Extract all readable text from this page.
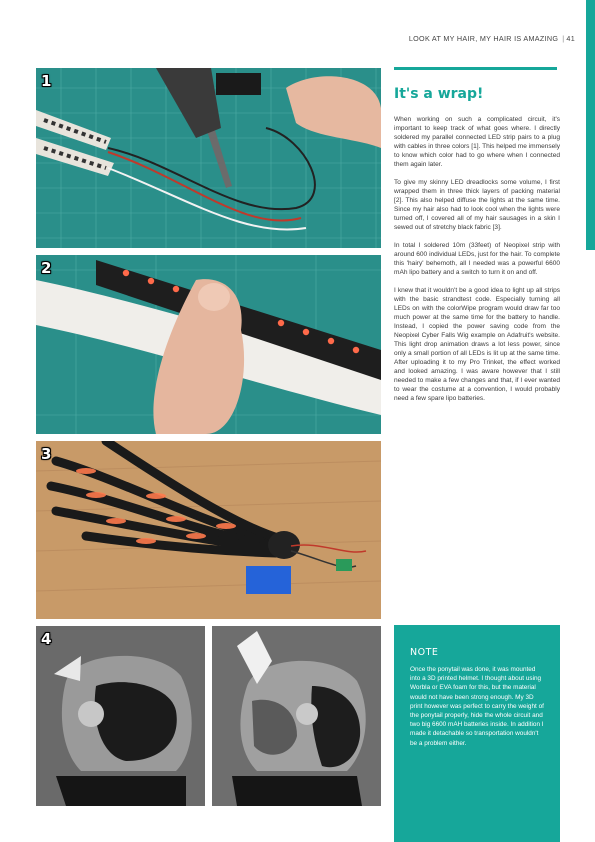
LOOK AT MY HAIR, MY HAIR IS AMAZING | 41
1
2
3
4
It's a wrap!

When working on such a complicated circuit, it's important to keep track of what goes where. I directly soldered my parallel connected LED strip pairs to a plug with cables in three colors [1]. This helped me immensely to know which color had to go where when I connected them again later.

To give my skinny LED dreadlocks some volume, I first wrapped them in three thick layers of packing material [2]. This also helped diffuse the lights at the same time. Since my hair also had to look cool when the lights were turned off, I covered all of my hair sausages in a skin I sewed out of stretchy black fabric [3].

In total I soldered 10m (33feet) of Neopixel strip with around 600 individual LEDs, just for the hair. To complete this 'hairy' behemoth, all I needed was a powerful 6600 mAh lipo battery and a switch to turn it on and off.

I knew that it wouldn't be a good idea to light up all strips with the basic strandtest code. Especially turning all LEDs on with the colorWipe program would draw far too much power at the same time for the battery to handle. Instead, I copied the power saving code from the Neopixel Cyber Falls Wig example on Adafruit's website. This light drop animation draws a lot less power, since only a small portion of all LEDs is lit up at the same time. After uploading it to my Pro Trinket, the effect worked and looked amazing. I was aware however that I still needed to make a few changes and that, if I ever wanted to wear the costume at a convention, I would probably need a few spare lipo batteries.

NOTE
Once the ponytail was done, it was mounted into a 3D printed helmet. I thought about using Worbla or EVA foam for this, but the material would not have been strong enough. My 3D print however was perfect to carry the weight of the ponytail properly, hide the whole circuit and two big 6600 mAH batteries inside. In addition I made it detachable so transportation wouldn't be a problem either.
